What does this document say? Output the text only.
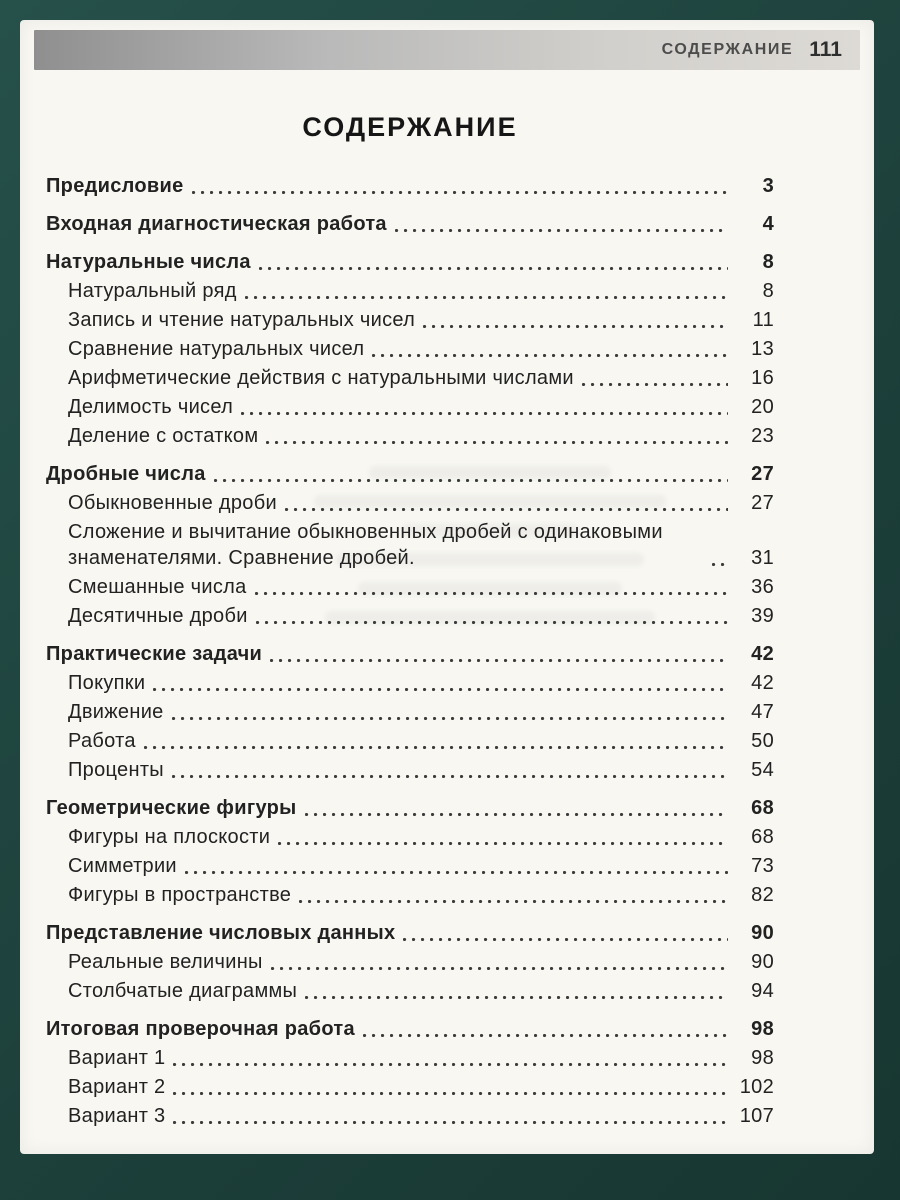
СОДЕРЖАНИЕ 111
СОДЕРЖАНИЕ
Предисловие	3
Входная диагностическая работа	4
Натуральные числа	8
Натуральный ряд	8
Запись и чтение натуральных чисел	11
Сравнение натуральных чисел	13
Арифметические действия с натуральными числами	16
Делимость чисел	20
Деление с остатком	23
Дробные числа	27
Обыкновенные дроби	27
Сложение и вычитание обыкновенных дробей с одинаковыми знаменателями. Сравнение дробей.	31
Смешанные числа	36
Десятичные дроби	39
Практические задачи	42
Покупки	42
Движение	47
Работа	50
Проценты	54
Геометрические фигуры	68
Фигуры на плоскости	68
Симметрии	73
Фигуры в пространстве	82
Представление числовых данных	90
Реальные величины	90
Столбчатые диаграммы	94
Итоговая проверочная работа	98
Вариант 1	98
Вариант 2	102
Вариант 3	107
